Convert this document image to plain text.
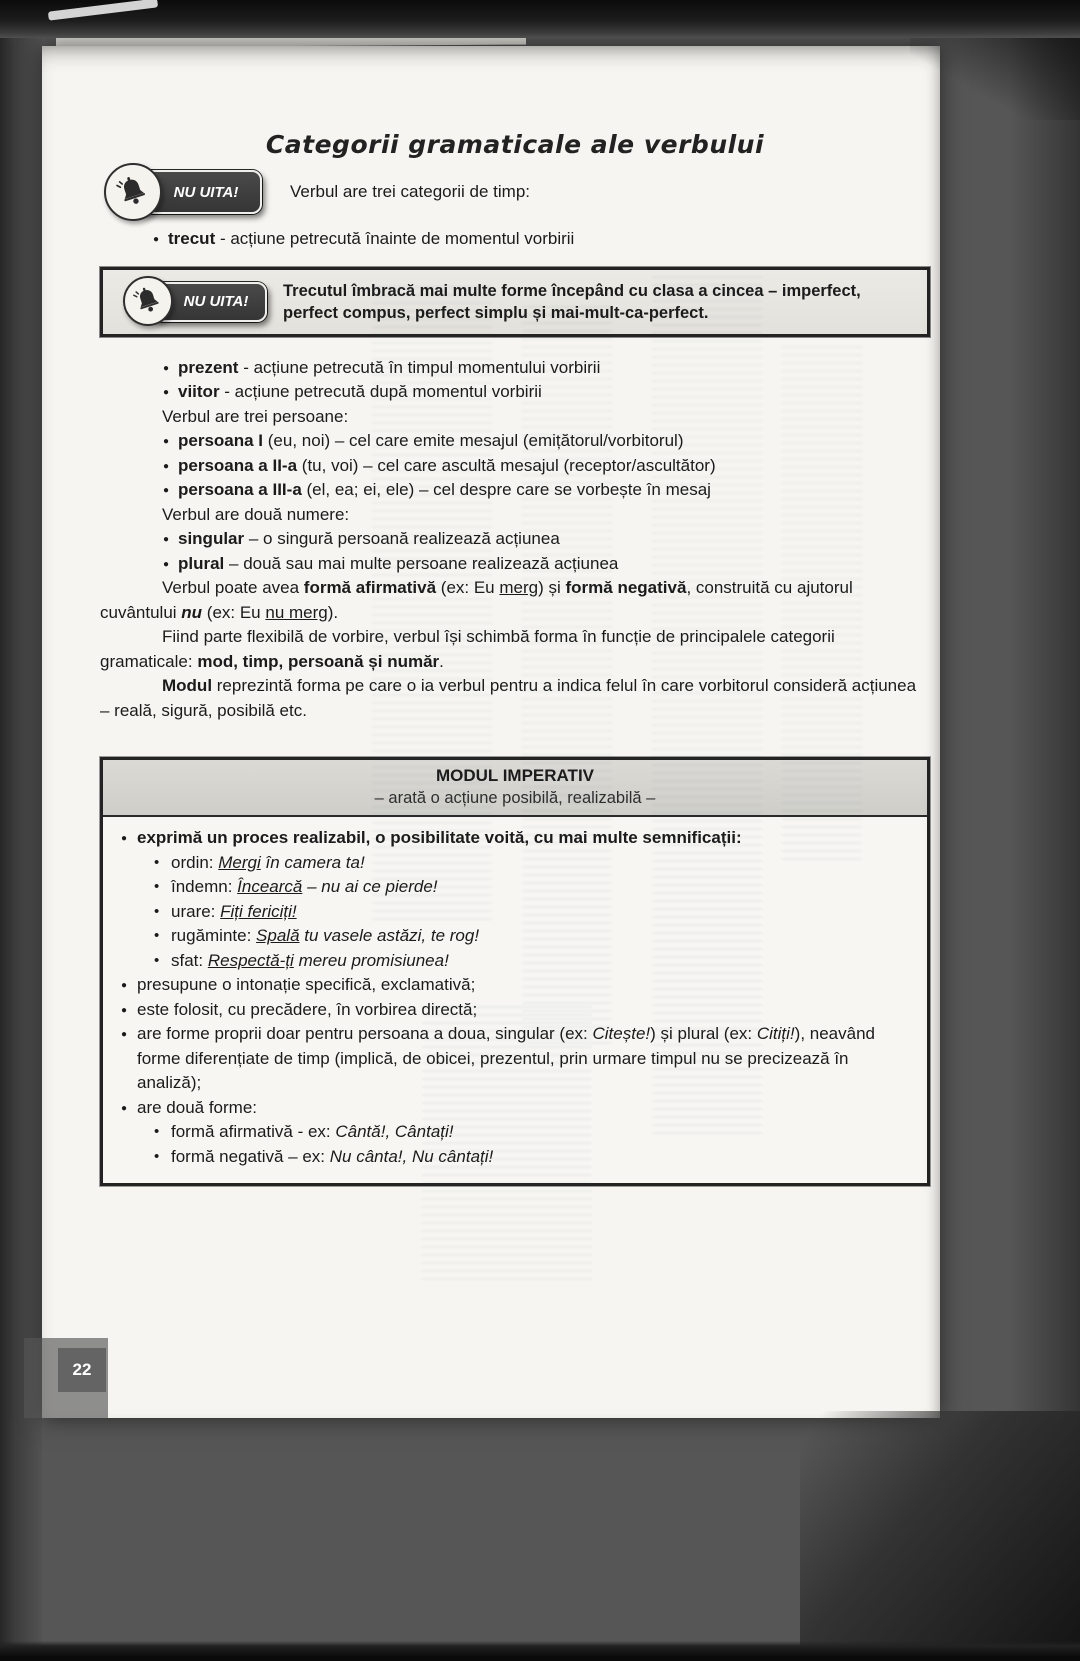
Categorii gramaticale ale verbului
NU UITA!	Verbul are trei categorii de timp:

● trecut - acțiune petrecută înainte de momentul vorbirii
NU UITA!
Trecutul îmbracă mai multe forme începând cu clasa a cincea – imperfect, perfect compus, perfect simplu și mai-mult-ca-perfect.
● prezent - acțiune petrecută în timpul momentului vorbirii
● viitor - acțiune petrecută după momentul vorbirii
Verbul are trei persoane:
● persoana I (eu, noi) – cel care emite mesajul (emițătorul/vorbitorul)
● persoana a II-a (tu, voi) – cel care ascultă mesajul (receptor/ascultător)
● persoana a III-a (el, ea; ei, ele) – cel despre care se vorbește în mesaj
Verbul are două numere:
● singular – o singură persoană realizează acțiunea
● plural – două sau mai multe persoane realizează acțiunea

Verbul poate avea formă afirmativă (ex: Eu merg) și formă negativă, construită cu ajutorul cuvântului nu (ex: Eu nu merg).

Fiind parte flexibilă de vorbire, verbul își schimbă forma în funcție de principalele categorii gramaticale: mod, timp, persoană și număr.

Modul reprezintă forma pe care o ia verbul pentru a indica felul în care vorbitorul consideră acțiunea – reală, sigură, posibilă etc.

MODUL IMPERATIV
– arată o acțiune posibilă, realizabilă –
● exprimă un proces realizabil, o posibilitate voită, cu mai multe semnificații:
• ordin: Mergi în camera ta!
• îndemn: Încearcă – nu ai ce pierde!
• urare: Fiți fericiți!
• rugăminte: Spală tu vasele astăzi, te rog!
• sfat: Respectă-ți mereu promisiunea!
● presupune o intonație specifică, exclamativă;
● este folosit, cu precădere, în vorbirea directă;
● are forme proprii doar pentru persoana a doua, singular (ex: Citește!) și plural (ex: Citiți!), neavând forme diferențiate de timp (implică, de obicei, prezentul, prin urmare timpul nu se precizează în analiză);
● are două forme:
• formă afirmativă - ex: Cântă!, Cântați!
• formă negativă – ex: Nu cânta!, Nu cântați!
22
